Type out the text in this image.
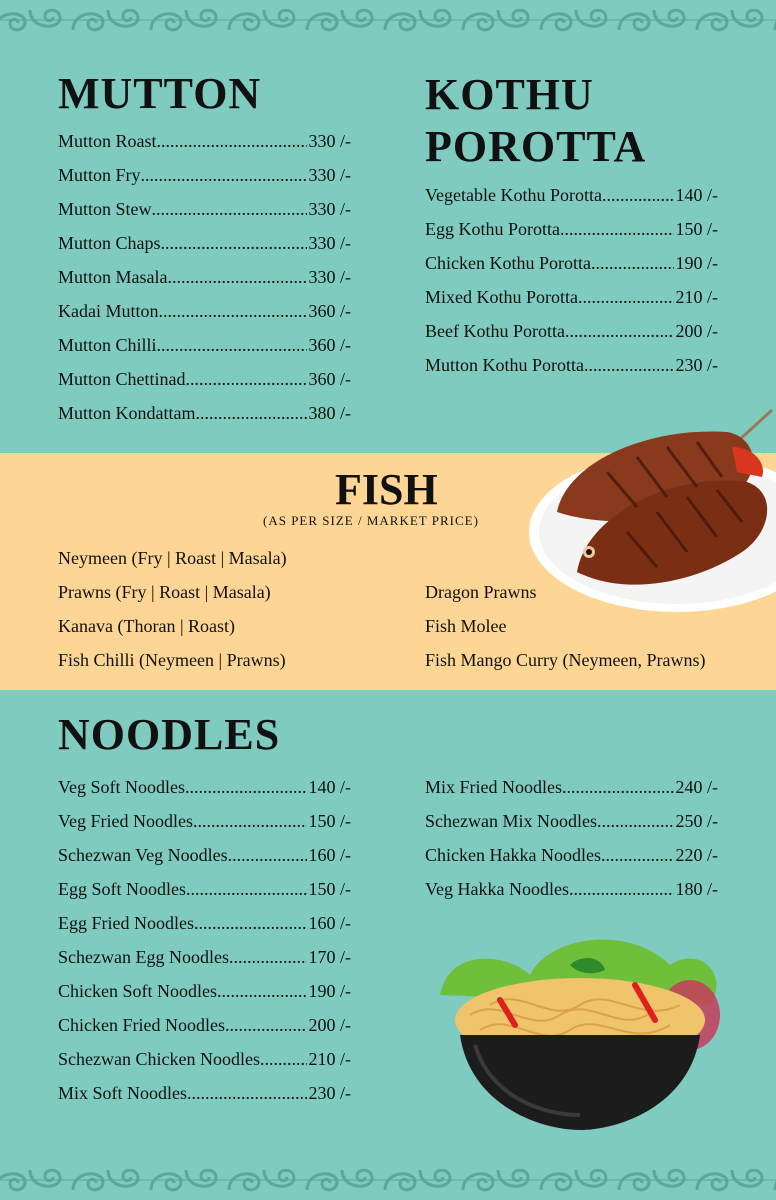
MUTTON
Mutton Roast .....	330 /-
Mutton Fry .....	330 /-
Mutton Stew .....	330 /-
Mutton Chaps .....	330 /-
Mutton Masala .....	330 /-
Kadai Mutton .....	360 /-
Mutton Chilli .....	360 /-
Mutton Chettinad .....	360 /-
Mutton Kondattam .....	380 /-
KOTHU
POROTTA
Vegetable Kothu Porotta .....	140 /-
Egg Kothu Porotta .....	150 /-
Chicken Kothu Porotta .....	190 /-
Mixed Kothu Porotta .....	210 /-
Beef Kothu Porotta .....	200 /-
Mutton Kothu Porotta .....	230 /-
FISH
(AS PER SIZE / MARKET PRICE)
Neymeen (Fry | Roast | Masala)
Prawns (Fry | Roast | Masala)
Kanava (Thoran | Roast)
Fish Chilli (Neymeen | Prawns)
Dragon Prawns
Fish Molee
Fish Mango Curry (Neymeen, Prawns)
NOODLES
Veg Soft Noodles .....	140 /-
Veg Fried Noodles .....	150 /-
Schezwan Veg Noodles .....	160 /-
Egg Soft Noodles .....	150 /-
Egg Fried Noodles .....	160 /-
Schezwan Egg Noodles .....	170 /-
Chicken Soft Noodles .....	190 /-
Chicken Fried Noodles .....	200 /-
Schezwan Chicken Noodles .....	210 /-
Mix Soft Noodles .....	230 /-
Mix Fried Noodles .....	240 /-
Schezwan Mix Noodles .....	250 /-
Chicken Hakka Noodles .....	220 /-
Veg Hakka Noodles .....	180 /-
